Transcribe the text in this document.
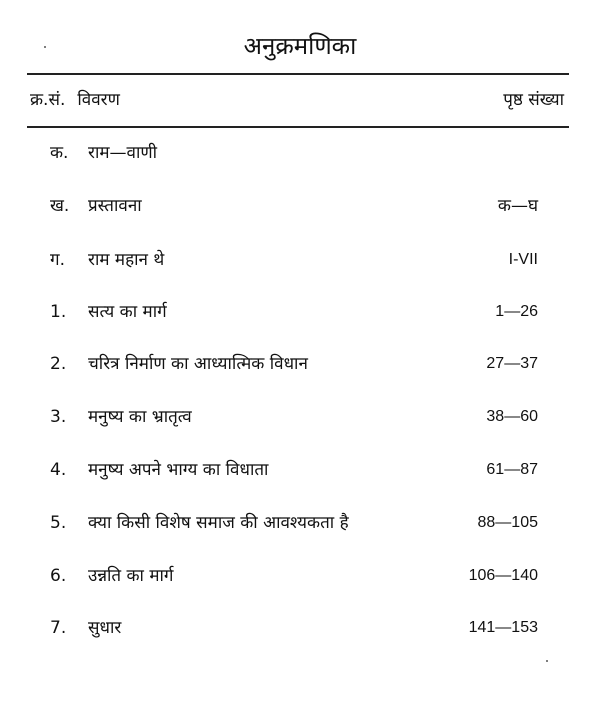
अनुक्रमणिका
क्र.सं. विवरण	पृष्ठ संख्या
क. राम—वाणी
ख. प्रस्तावना	क—घ
ग. राम महान थे	I-VII
1. सत्य का मार्ग	1—26
2. चरित्र निर्माण का आध्यात्मिक विधान	27—37
3. मनुष्य का भ्रातृत्व	38—60
4. मनुष्य अपने भाग्य का विधाता	61—87
5. क्या किसी विशेष समाज की आवश्यकता है	88—105
6. उन्नति का मार्ग	106—140
7. सुधार	141—153
